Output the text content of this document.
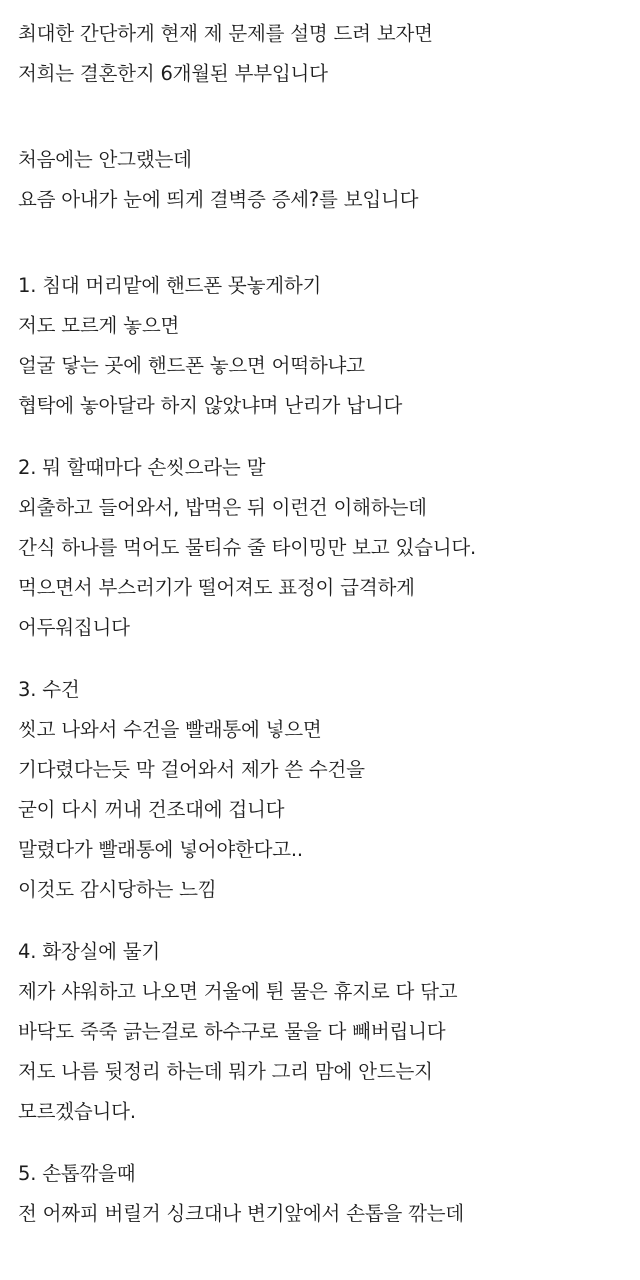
최대한 간단하게 현재 제 문제를 설명 드려 보자면
저희는 결혼한지 6개월된 부부입니다
처음에는 안그랬는데
요즘 아내가 눈에 띄게 결벽증 증세?를 보입니다
1. 침대 머리맡에 핸드폰 못놓게하기
저도 모르게 놓으면
얼굴 닿는 곳에 핸드폰 놓으면 어떡하냐고
협탁에 놓아달라 하지 않았냐며 난리가 납니다
2. 뭐 할때마다 손씻으라는 말
외출하고 들어와서, 밥먹은 뒤 이런건 이해하는데
간식 하나를 먹어도 물티슈 줄 타이밍만 보고 있습니다.
먹으면서 부스러기가 떨어져도 표정이 급격하게
어두워집니다
3. 수건
씻고 나와서 수건을 빨래통에 넣으면
기다렸다는듯 막 걸어와서 제가 쓴 수건을
굳이 다시 꺼내 건조대에 겁니다
말렸다가 빨래통에 넣어야한다고..
이것도 감시당하는 느낌
4. 화장실에 물기
제가 샤워하고 나오면 거울에 튄 물은 휴지로 다 닦고
바닥도 죽죽 긁는걸로 하수구로 물을 다 빼버립니다
저도 나름 뒷정리 하는데 뭐가 그리 맘에 안드는지
모르겠습니다.
5. 손톱깎을때
전 어짜피 버릴거 싱크대나 변기앞에서 손톱을 깎는데
